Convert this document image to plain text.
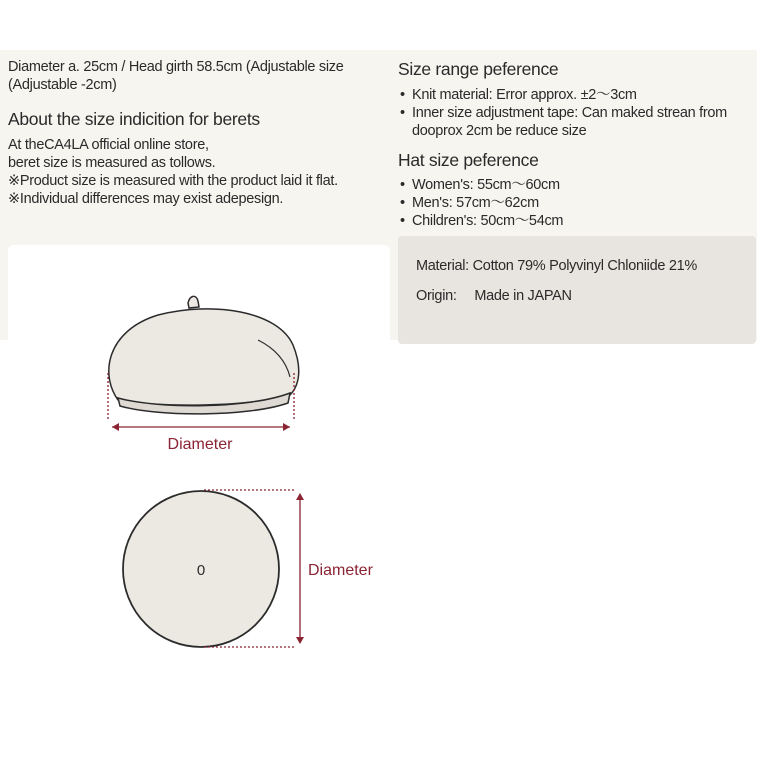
Diameter a. 25cm / Head girth 58.5cm (Adjustable size
(Adjustable -2cm)
About the size indicition for berets
At theCA4LA official online store,
beret size is measured as tollows.
※Product size is measured with the product laid it flat.
※Individual differences may exist adepesign.
Size range peference
• Knit material: Error approx. ±2〜3cm
• Inner size adjustment tape: Can maked strean from dooprox 2cm be reduce size
Hat size peference
• Women's: 55cm〜60cm
• Men's: 57cm〜62cm
• Children's: 50cm〜54cm
Material: Cotton 79% Polyvinyl Chloniide 21%
Origin: Made in JAPAN
Diameter
0	Diameter
